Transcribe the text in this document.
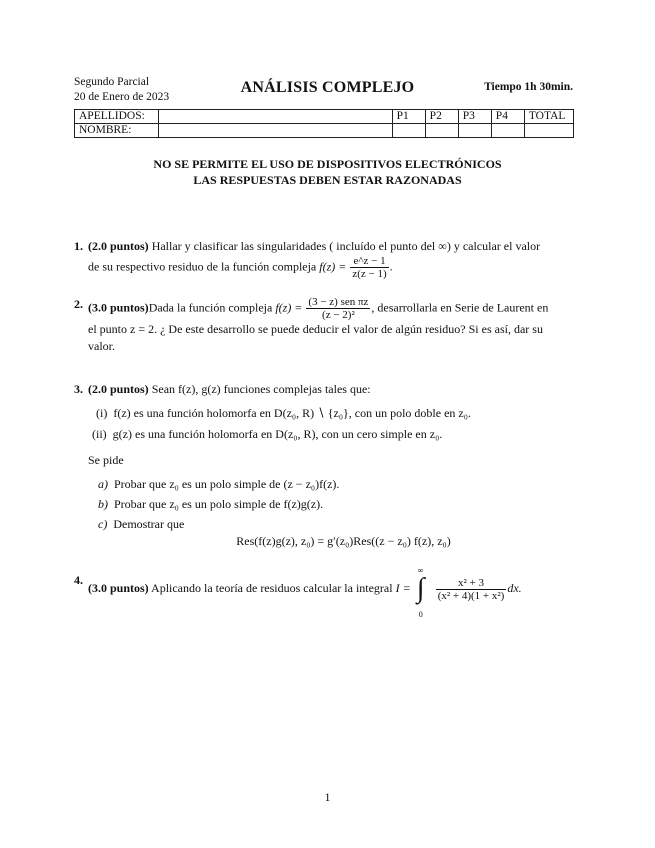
Segundo Parcial
20 de Enero de 2023
ANÁLISIS COMPLEJO	Tiempo 1h 30min.
APELLIDOS:		P1	P2	P3	P4	TOTAL
NOMBRE:						
NO SE PERMITE EL USO DE DISPOSITIVOS ELECTRÓNICOS
LAS RESPUESTAS DEBEN ESTAR RAZONADAS
1. (2.0 puntos) Hallar y clasificar las singularidades ( incluído el punto del ∞) y calcular el valor
de su respectivo residuo de la función compleja $f(z) = \frac{e\^{}z - 1}{z(z - 1)}$ .
2. (3.0 puntos)Dada la función compleja $f(z) = \frac{\text{(3 − z) sen πz}}{\text{(z − 2)²}}$ , desarrollarla en Serie de Laurent en
el punto z = 2. ¿ De este desarrollo se puede deducir el valor de algún residuo? Si es así, dar su
valor.
3. (2.0 puntos) Sean f(z), g(z) funciones complejas tales que:
(i) f(z) es una función holomorfa en D(z₀, R) ∖ {z₀}, con un polo doble en z₀.
(ii) g(z) es una función holomorfa en D(z₀, R), con un cero simple en z₀.
Se pide
a) Probar que z₀ es un polo simple de (z − z₀)f(z).
b) Probar que z₀ es un polo simple de f(z)g(z).
c) Demostrar que
Res(f(z)g(z), z₀) = g′(z₀)Res((z − z₀) f(z), z₀)
4.
(3.0 puntos) Aplicando la teoría de residuos calcular la integral I =
∞
∫
0

$\frac{\text{x² + 3}}{\text{(x² + 4)(1 + x²)}}$ dx.
1
